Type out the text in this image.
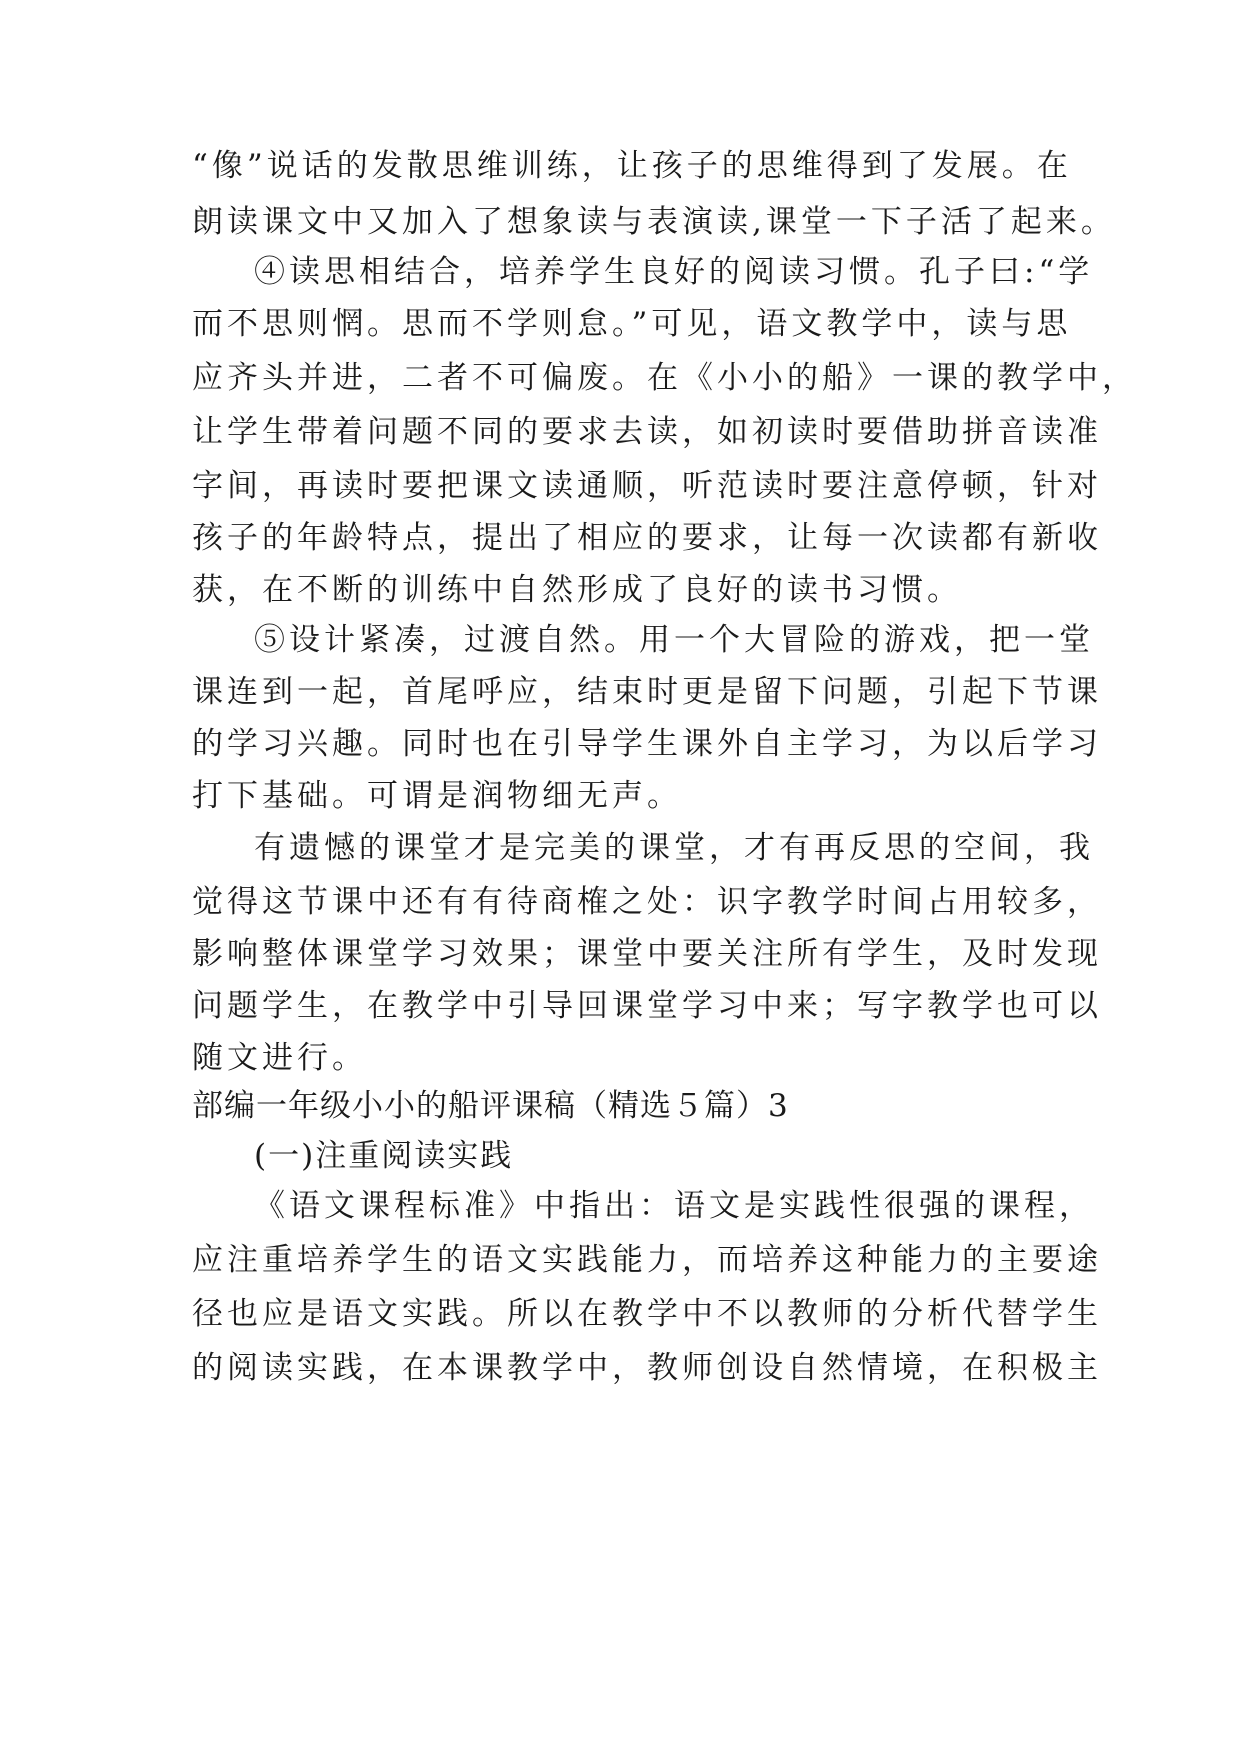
“像”说话的发散思维训练，让孩子的思维得到了发展。在
朗读课文中又加入了想象读与表演读,课堂一下子活了起来。
④读思相结合，培养学生良好的阅读习惯。孔子曰:“学
而不思则惘。思而不学则怠。”可见，语文教学中，读与思
应齐头并进，二者不可偏废。在《小小的船》一课的教学中，
让学生带着问题不同的要求去读，如初读时要借助拼音读准
字间，再读时要把课文读通顺，听范读时要注意停顿，针对
孩子的年龄特点，提出了相应的要求，让每一次读都有新收
获，在不断的训练中自然形成了良好的读书习惯。
⑤设计紧凑，过渡自然。用一个大冒险的游戏，把一堂
课连到一起，首尾呼应，结束时更是留下问题，引起下节课
的学习兴趣。同时也在引导学生课外自主学习，为以后学习
打下基础。可谓是润物细无声。
有遗憾的课堂才是完美的课堂，才有再反思的空间，我
觉得这节课中还有有待商榷之处：识字教学时间占用较多，
影响整体课堂学习效果；课堂中要关注所有学生，及时发现
问题学生，在教学中引导回课堂学习中来；写字教学也可以
随文进行。
部编一年级小小的船评课稿（精选５篇）3
(一)注重阅读实践
《语文课程标准》中指出：语文是实践性很强的课程，
应注重培养学生的语文实践能力，而培养这种能力的主要途
径也应是语文实践。所以在教学中不以教师的分析代替学生
的阅读实践，在本课教学中，教师创设自然情境，在积极主
